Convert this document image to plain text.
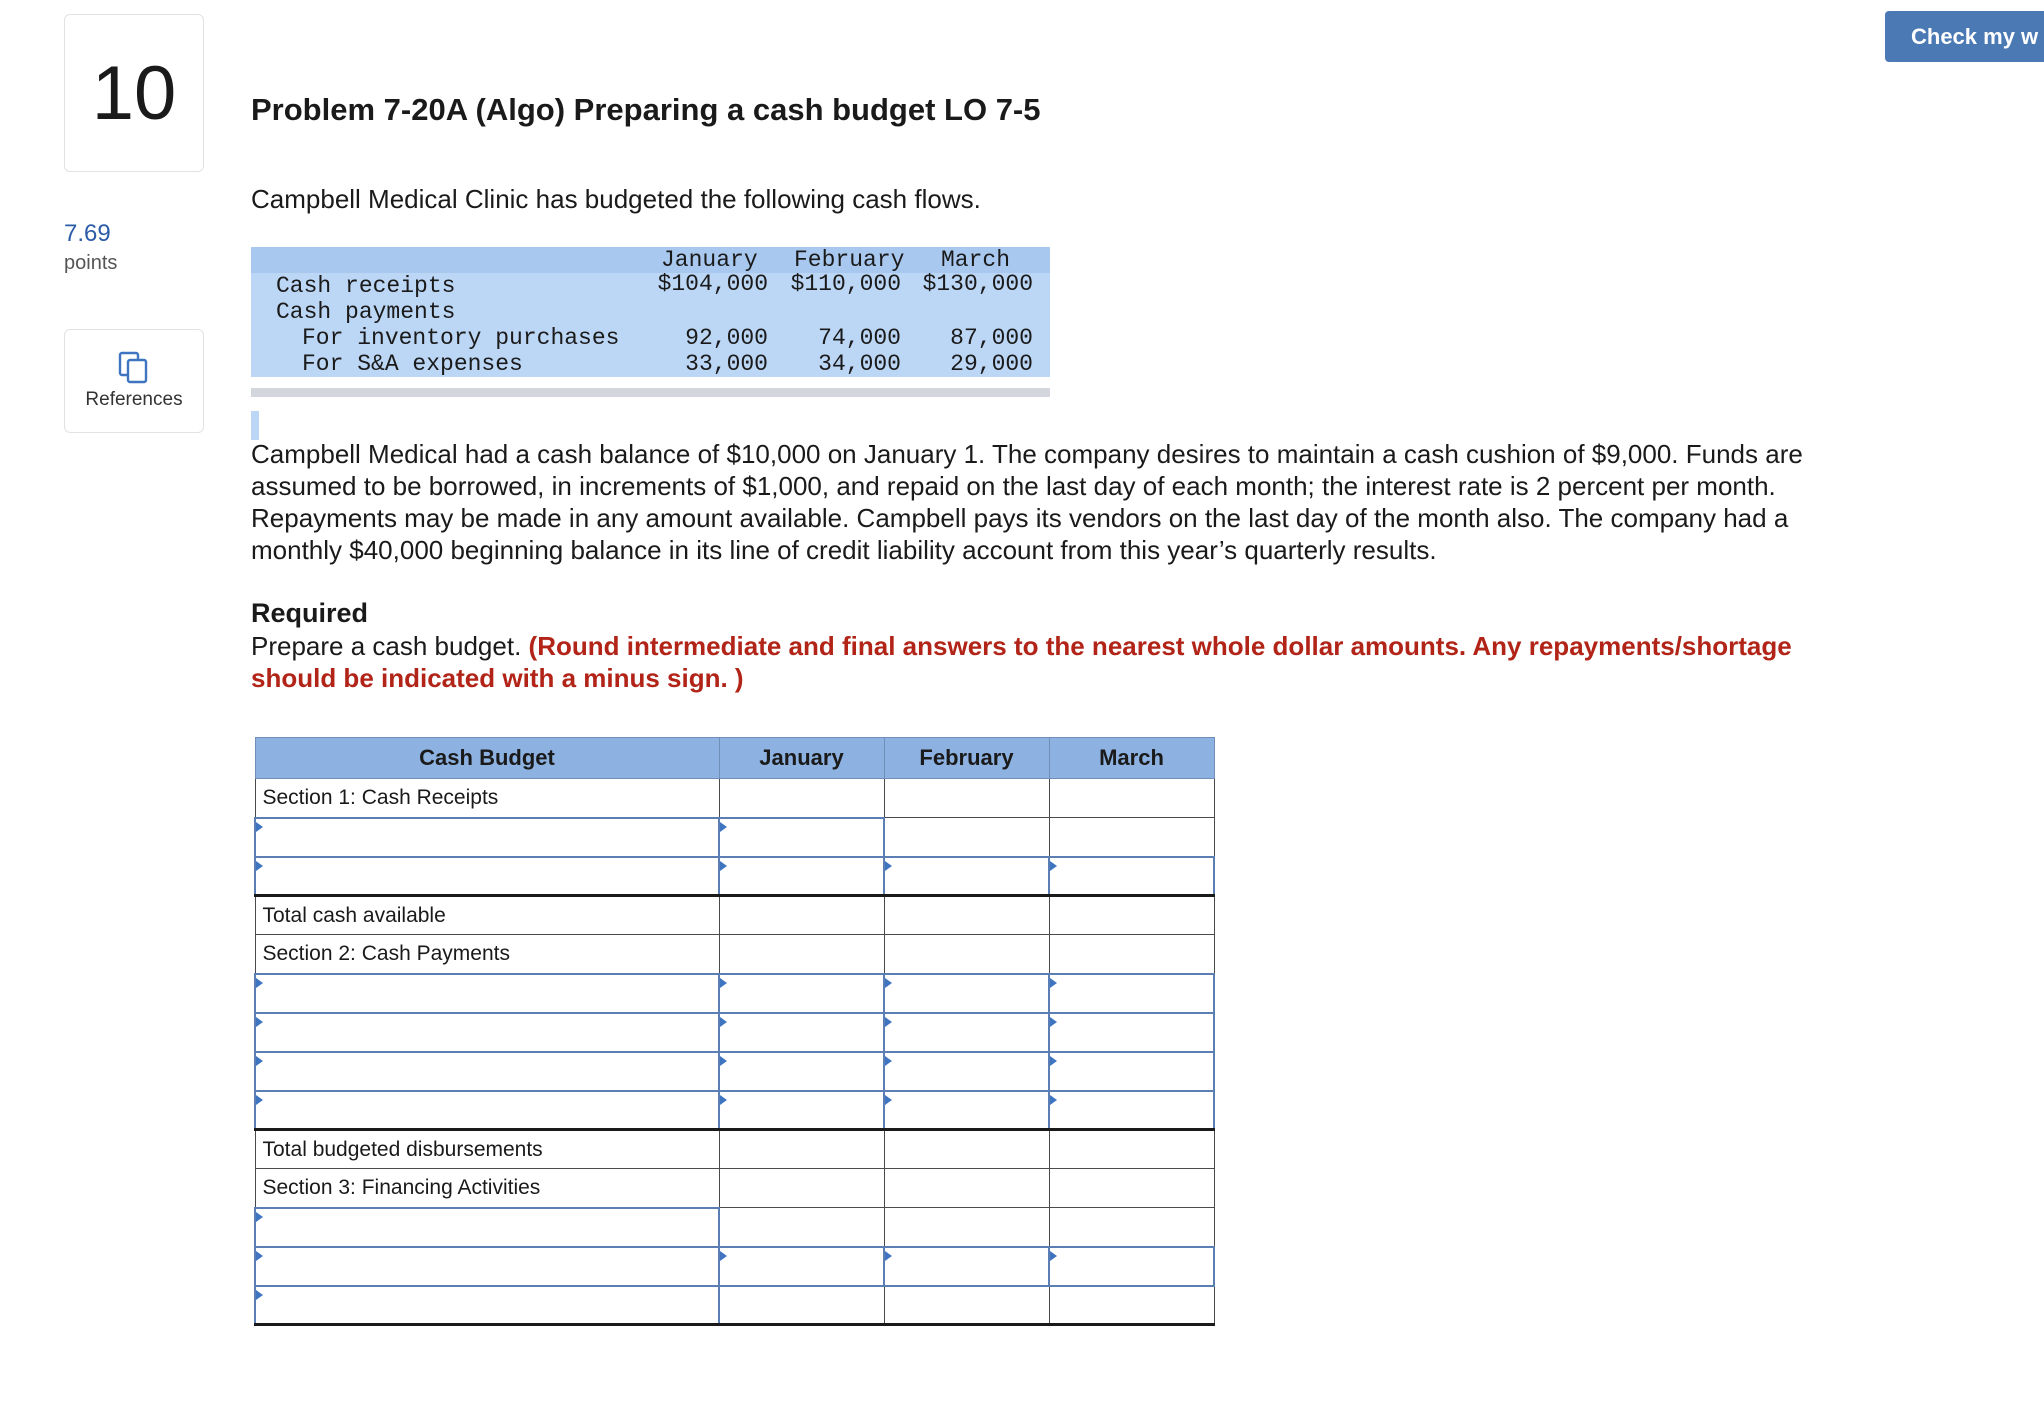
Check my w
10
7.69
points
References
Problem 7-20A (Algo) Preparing a cash budget LO 7-5

Campbell Medical Clinic has budgeted the following cash flows.

January February March
Cash receipts	$104,000 $110,000 $130,000
Cash payments
For inventory purchases	92,000 74,000 87,000
For S&A expenses	33,000 34,000 29,000

Campbell Medical had a cash balance of $10,000 on January 1. The company desires to maintain a cash cushion of $9,000. Funds are assumed to be borrowed, in increments of $1,000, and repaid on the last day of each month; the interest rate is 2 percent per month. Repayments may be made in any amount available. Campbell pays its vendors on the last day of the month also. The company had a monthly $40,000 beginning balance in its line of credit liability account from this year’s quarterly results.

Required

Prepare a cash budget. (Round intermediate and final answers to the nearest whole dollar amounts. Any repayments/shortage should be indicated with a minus sign. )

Cash Budget	January	February	March
Section 1: Cash Receipts			

Total cash available			
Section 2: Cash Payments			

Total budgeted disbursements			
Section 3: Financing Activities			
